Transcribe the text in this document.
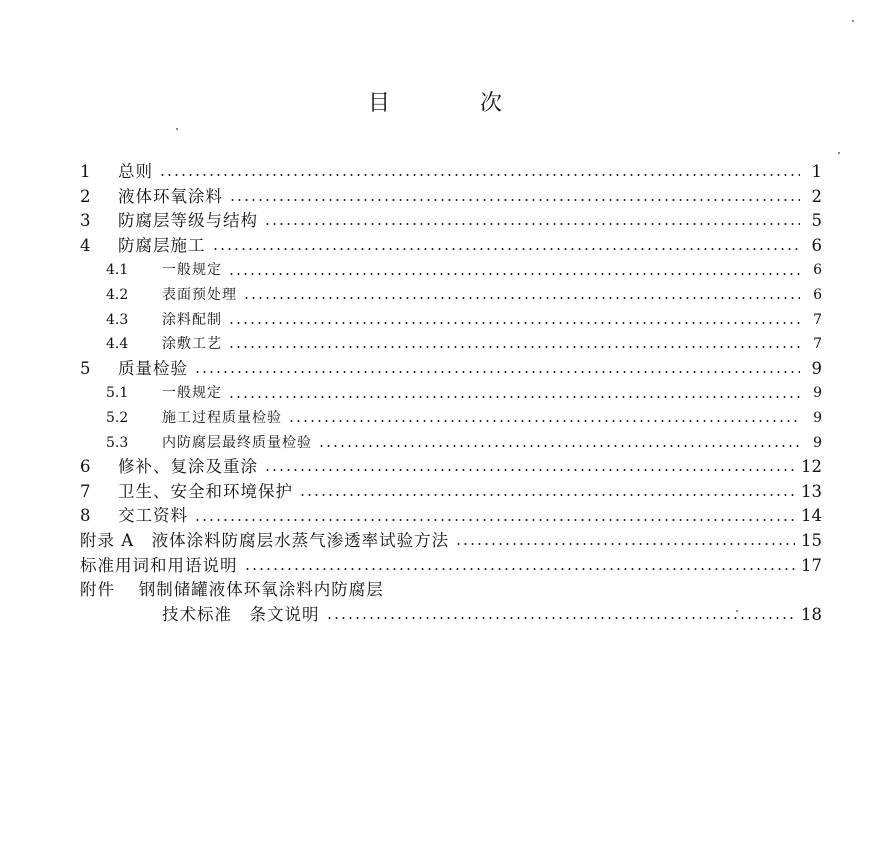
目	次
1	总则	1
2	液体环氧涂料	2
3	防腐层等级与结构	5
4	防腐层施工	6
4.1	一般规定	6
4.2	表面预处理	6
4.3	涂料配制	7
4.4	涂敷工艺	7
5	质量检验	9
5.1	一般规定	9
5.2	施工过程质量检验	9
5.3	内防腐层最终质量检验	9
6	修补、复涂及重涂	12
7	卫生、安全和环境保护	13
8	交工资料	14
附录 A　液体涂料防腐层水蒸气渗透率试验方法	15
标准用词和用语说明	17
附件　 钢制储罐液体环氧涂料内防腐层
技术标准　条文说明	18
